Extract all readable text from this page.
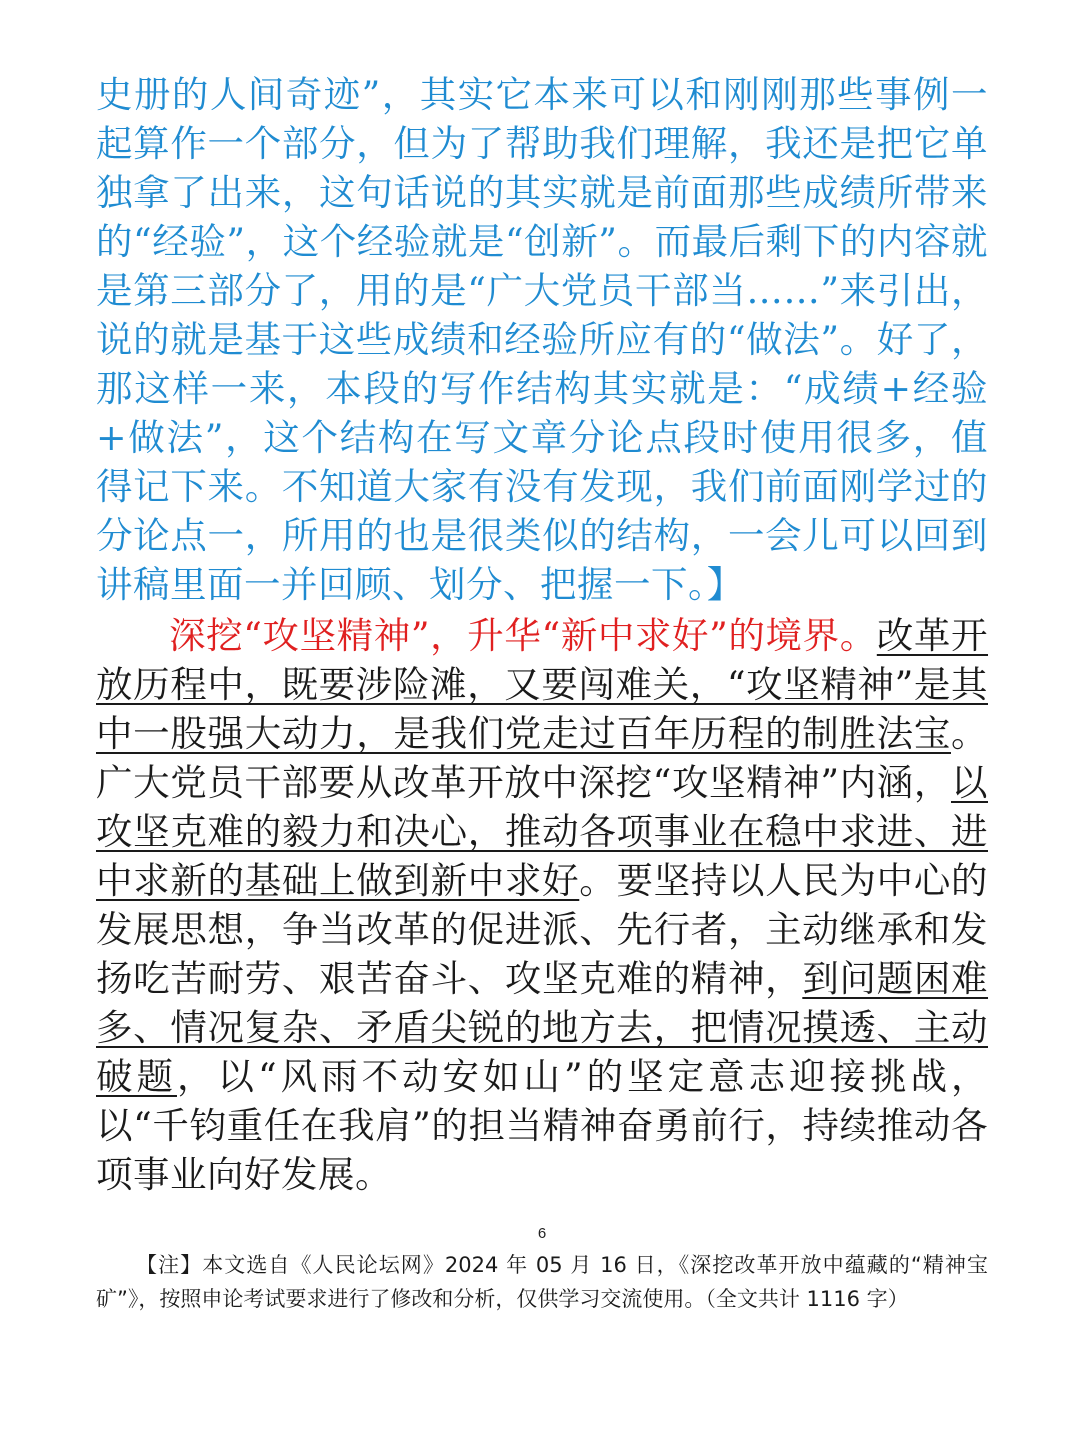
史册的人间奇迹”，其实它本来可以和刚刚那些事例一起算作一个部分，但为了帮助我们理解，我还是把它单独拿了出来，这句话说的其实就是前面那些成绩所带来的“经验”，这个经验就是“创新”。而最后剩下的内容就是第三部分了，用的是“广大党员干部当……”来引出，说的就是基于这些成绩和经验所应有的“做法”。好了，那这样一来，本段的写作结构其实就是：“成绩+经验+做法”，这个结构在写文章分论点段时使用很多，值得记下来。不知道大家有没有发现，我们前面刚学过的分论点一，所用的也是很类似的结构，一会儿可以回到讲稿里面一并回顾、划分、把握一下。】

深挖“攻坚精神”，升华“新中求好”的境界。改革开放历程中，既要涉险滩，又要闯难关，“攻坚精神”是其中一股强大动力，是我们党走过百年历程的制胜法宝。广大党员干部要从改革开放中深挖“攻坚精神”内涵，以攻坚克难的毅力和决心，推动各项事业在稳中求进、进中求新的基础上做到新中求好。要坚持以人民为中心的发展思想，争当改革的促进派、先行者，主动继承和发扬吃苦耐劳、艰苦奋斗、攻坚克难的精神，到问题困难多、情况复杂、矛盾尖锐的地方去，把情况摸透、主动破题，以“风雨不动安如山”的坚定意志迎接挑战，以“千钧重任在我肩”的担当精神奋勇前行，持续推动各项事业向好发展。

6

【注】本文选自《人民论坛网》2024 年 05 月 16 日，《深挖改革开放中蕴藏的“精神宝矿”》，按照申论考试要求进行了修改和分析，仅供学习交流使用。（全文共计 1116 字）
